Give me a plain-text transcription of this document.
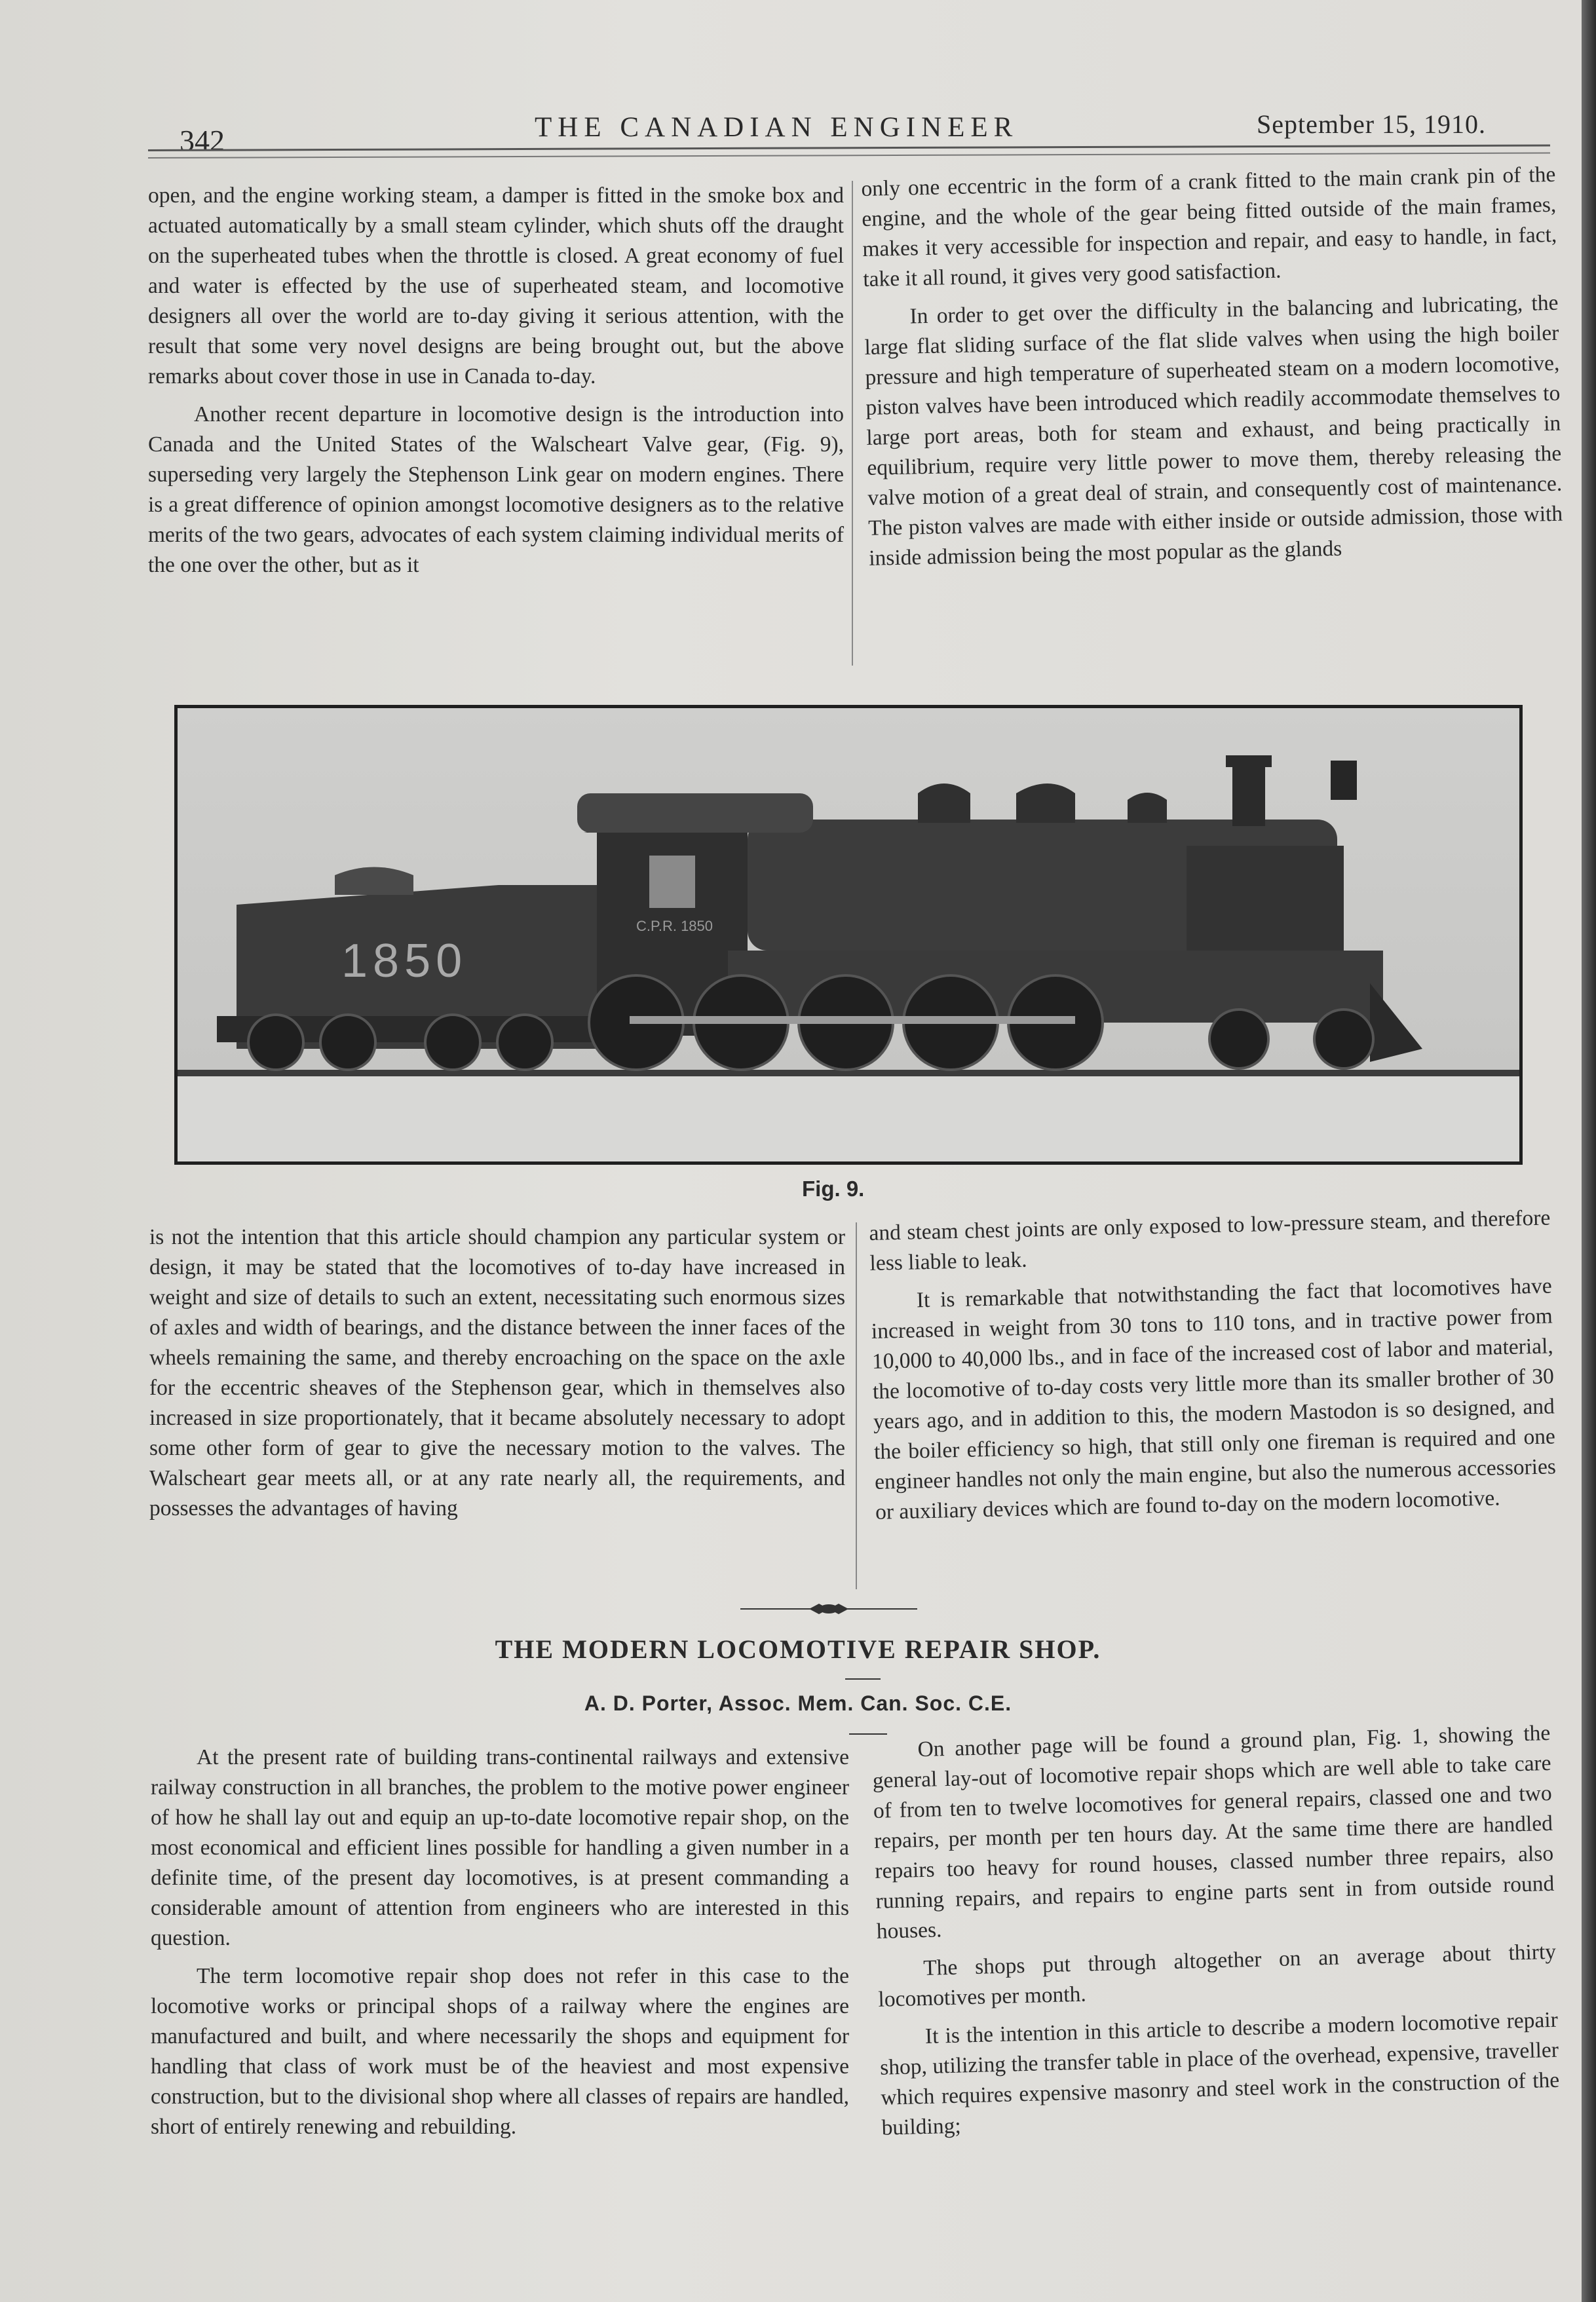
342	THE CANADIAN ENGINEER	September 15, 1910.

open, and the engine working steam, a damper is fitted in the smoke box and actuated automatically by a small steam cylinder, which shuts off the draught on the superheated tubes when the throttle is closed. A great economy of fuel and water is effected by the use of superheated steam, and locomotive designers all over the world are to-day giving it serious attention, with the result that some very novel designs are being brought out, but the above remarks about cover those in use in Canada to-day.

Another recent departure in locomotive design is the introduction into Canada and the United States of the Walscheart Valve gear, (Fig. 9), superseding very largely the Stephenson Link gear on modern engines. There is a great difference of opinion amongst locomotive designers as to the relative merits of the two gears, advocates of each system claiming individual merits of the one over the other, but as it

only one eccentric in the form of a crank fitted to the main crank pin of the engine, and the whole of the gear being fitted outside of the main frames, makes it very accessible for inspection and repair, and easy to handle, in fact, take it all round, it gives very good satisfaction.

In order to get over the difficulty in the balancing and lubricating, the large flat sliding surface of the flat slide valves when using the high boiler pressure and high temperature of superheated steam on a modern locomotive, piston valves have been introduced which readily accommodate themselves to large port areas, both for steam and exhaust, and being practically in equilibrium, require very little power to move them, thereby releasing the valve motion of a great deal of strain, and consequently cost of maintenance. The piston valves are made with either inside or outside admission, those with inside admission being the most popular as the glands

C.P.R. 1850
1850
Fig. 9.

is not the intention that this article should champion any particular system or design, it may be stated that the locomotives of to-day have increased in weight and size of details to such an extent, necessitating such enormous sizes of axles and width of bearings, and the distance between the inner faces of the wheels remaining the same, and thereby encroaching on the space on the axle for the eccentric sheaves of the Stephenson gear, which in themselves also increased in size proportionately, that it became absolutely necessary to adopt some other form of gear to give the necessary motion to the valves. The Walscheart gear meets all, or at any rate nearly all, the requirements, and possesses the advantages of having

and steam chest joints are only exposed to low-pressure steam, and therefore less liable to leak.

It is remarkable that notwithstanding the fact that locomotives have increased in weight from 30 tons to 110 tons, and in tractive power from 10,000 to 40,000 lbs., and in face of the increased cost of labor and material, the locomotive of to-day costs very little more than its smaller brother of 30 years ago, and in addition to this, the modern Mastodon is so designed, and the boiler efficiency so high, that still only one fireman is required and one engineer handles not only the main engine, but also the numerous accessories or auxiliary devices which are found to-day on the modern locomotive.

THE MODERN LOCOMOTIVE REPAIR SHOP.
A. D. Porter, Assoc. Mem. Can. Soc. C.E.

At the present rate of building trans-continental railways and extensive railway construction in all branches, the problem to the motive power engineer of how he shall lay out and equip an up-to-date locomotive repair shop, on the most economical and efficient lines possible for handling a given number in a definite time, of the present day locomotives, is at present commanding a considerable amount of attention from engineers who are interested in this question.

The term locomotive repair shop does not refer in this case to the locomotive works or principal shops of a railway where the engines are manufactured and built, and where necessarily the shops and equipment for handling that class of work must be of the heaviest and most expensive construction, but to the divisional shop where all classes of repairs are handled, short of entirely renewing and rebuilding.

On another page will be found a ground plan, Fig. 1, showing the general lay-out of locomotive repair shops which are well able to take care of from ten to twelve locomotives for general repairs, classed one and two repairs, per month per ten hours day. At the same time there are handled repairs too heavy for round houses, classed number three repairs, also running repairs, and repairs to engine parts sent in from outside round houses.

The shops put through altogether on an average about thirty locomotives per month.

It is the intention in this article to describe a modern locomotive repair shop, utilizing the transfer table in place of the overhead, expensive, traveller which requires expensive masonry and steel work in the construction of the building;
